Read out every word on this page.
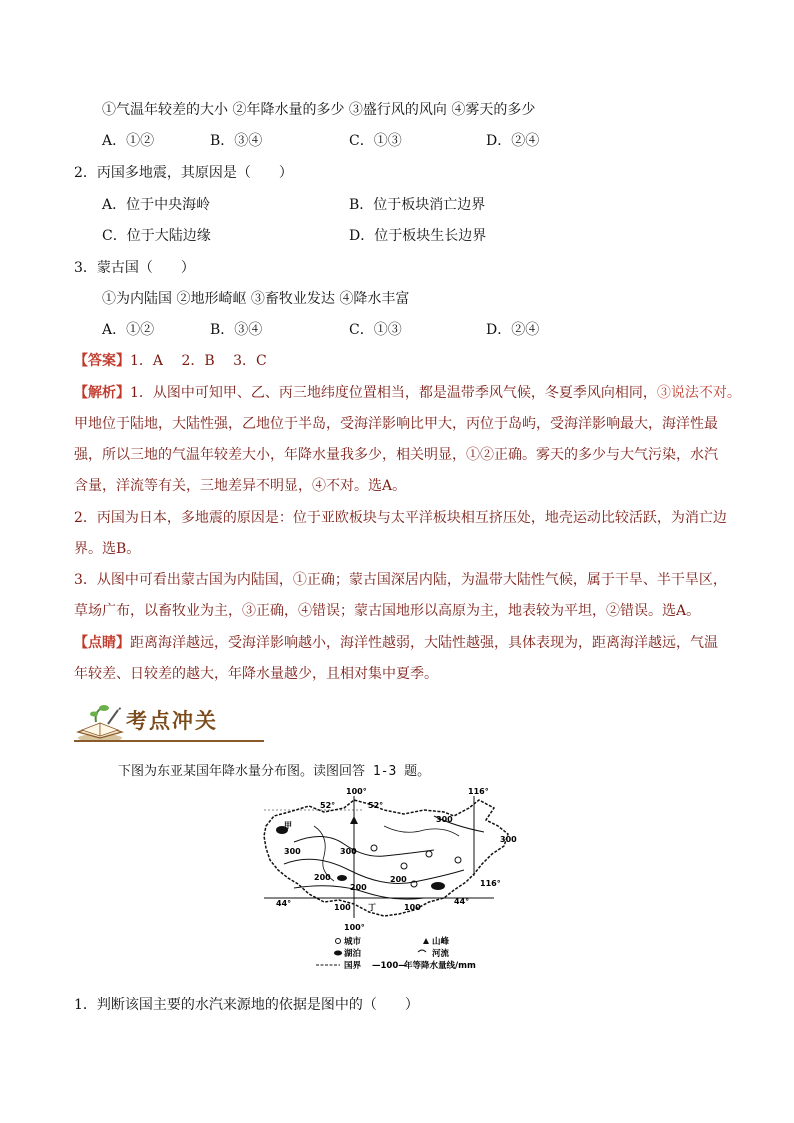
①气温年较差的大小 ②年降水量的多少 ③盛行风的风向 ④雾天的多少
A．①②	B．③④	C．①③	D．②④
2．丙国多地震，其原因是（　　）
A．位于中央海岭	B．位于板块消亡边界
C．位于大陆边缘	D．位于板块生长边界
3．蒙古国（　　）
①为内陆国 ②地形崎岖 ③畜牧业发达 ④降水丰富
A．①②	B．③④	C．①③	D．②④
【答案】1．A　 2．B　 3．C
【解析】1．从图中可知甲、乙、丙三地纬度位置相当，都是温带季风气候，冬夏季风向相同，③说法不对。
甲地位于陆地，大陆性强，乙地位于半岛，受海洋影响比甲大，丙位于岛屿，受海洋影响最大，海洋性最
强，所以三地的气温年较差大小，年降水量我多少，相关明显，①②正确。雾天的多少与大气污染，水汽
含量，洋流等有关，三地差异不明显，④不对。选A。
2．丙国为日本，多地震的原因是：位于亚欧板块与太平洋板块相互挤压处，地壳运动比较活跃，为消亡边
界。选B。
3．从图中可看出蒙古国为内陆国，①正确；蒙古国深居内陆，为温带大陆性气候，属于干旱、半干旱区，
草场广布，以畜牧业为主，③正确，④错误；蒙古国地形以高原为主，地表较为平坦，②错误。选A。
【点睛】距离海洋越远，受海洋影响越小，海洋性越弱，大陆性越强，具体表现为，距离海洋越远，气温
年较差、日较差的越大，年降水量越少，且相对集中夏季。
考点冲关
下图为东亚某国年降水量分布图。读图回答 1-3 题。
100°
52°	52°
116°
116°
44°	44°
100°
300
300
300	300
200
200
200
100	100
丁
甲
城市	山峰
湖泊	河流
国界 —100—
年等降水量线/mm
1．判断该国主要的水汽来源地的依据是图中的（　　）
